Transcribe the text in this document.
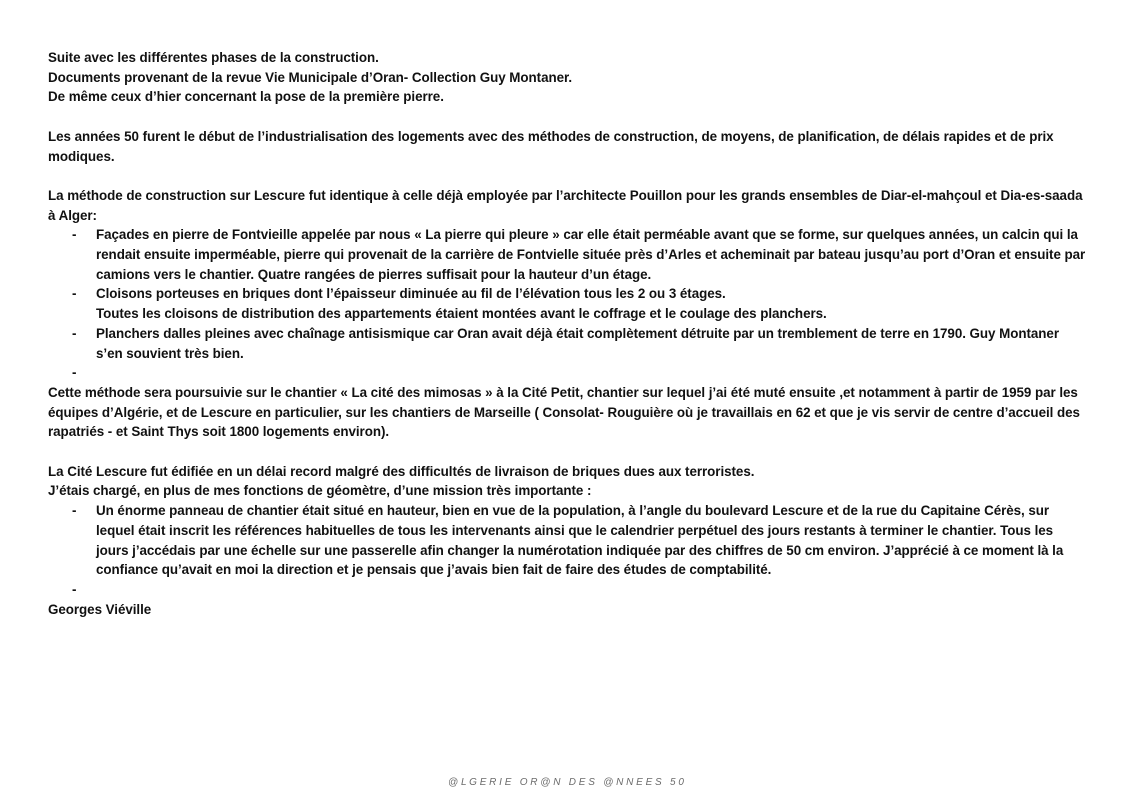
Suite avec les différentes phases de la construction.

Documents provenant de la revue Vie Municipale d’Oran- Collection Guy Montaner.

De même ceux d’hier concernant la pose de la première pierre.

Les années 50 furent le début de l’industrialisation des logements avec des méthodes de construction, de moyens, de planification, de délais rapides et de prix modiques.

La méthode de construction sur Lescure fut identique à celle déjà employée par l’architecte Pouillon pour les grands ensembles de Diar-el-mahçoul et Dia-es-saada à Alger:

- Façades en pierre de Fontvieille appelée par nous « La pierre qui pleure » car elle était perméable avant que se forme, sur quelques années, un calcin qui la rendait ensuite imperméable, pierre qui provenait de la carrière de Fontvielle située près d’Arles et acheminait par bateau jusqu’au port d’Oran et ensuite par camions vers le chantier. Quatre rangées de pierres suffisait pour la hauteur d’un étage.
- Cloisons porteuses en briques dont l’épaisseur diminuée au fil de l’élévation tous les 2 ou 3 étages.
Toutes les cloisons de distribution des appartements étaient montées avant le coffrage et le coulage des planchers.
- Planchers dalles pleines avec chaînage antisismique car Oran avait déjà était complètement détruite par un tremblement de terre en 1790. Guy Montaner s’en souvient très bien.
-

Cette méthode sera poursuivie sur le chantier « La cité des mimosas » à la Cité Petit, chantier sur lequel j’ai été muté ensuite ,et notamment à partir de 1959 par les équipes d’Algérie, et de Lescure en particulier, sur les chantiers de Marseille ( Consolat- Rouguière où je travaillais en 62 et que je vis servir de centre d’accueil des rapatriés - et Saint Thys soit 1800 logements environ).

La Cité Lescure fut édifiée en un délai record malgré des difficultés de livraison de briques dues aux terroristes.

J’étais chargé, en plus de mes fonctions de géomètre, d’une mission très importante :

- Un énorme panneau de chantier était situé en hauteur, bien en vue de la population, à l’angle du boulevard Lescure et de la rue du Capitaine Cérès, sur lequel était inscrit les références habituelles de tous les intervenants ainsi que le calendrier perpétuel des jours restants à terminer le chantier. Tous les jours j’accédais par une échelle sur une passerelle afin changer la numérotation indiquée par des chiffres de 50 cm environ. J’apprécié à ce moment là la confiance qu’avait en moi la direction et je pensais que j’avais bien fait de faire des études de comptabilité.
-

Georges Viéville

@ L G E R I E   O R @ N   D E S   @ N N E E S   5 0
